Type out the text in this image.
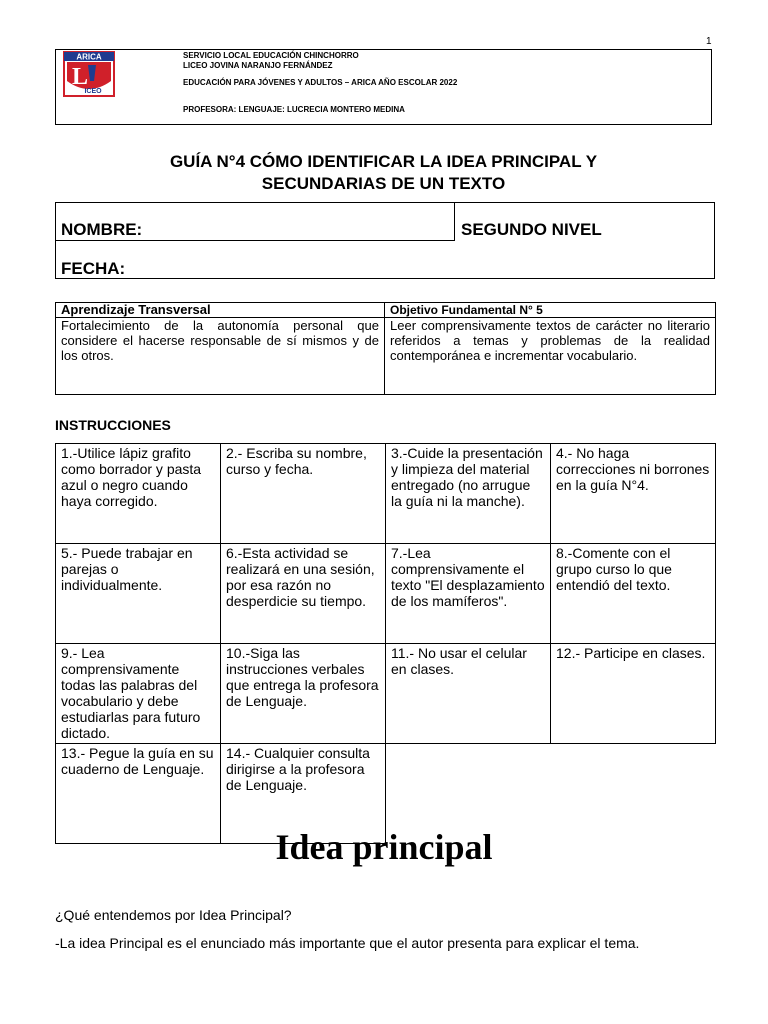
1
ARICA
L
ICEO
SERVICIO LOCAL EDUCACIÓN CHINCHORRO
LICEO JOVINA NARANJO FERNÁNDEZ
EDUCACIÓN PARA JÓVENES Y ADULTOS – ARICA AÑO ESCOLAR 2022
PROFESORA: LENGUAJE: LUCRECIA MONTERO MEDINA
GUÍA N°4 CÓMO IDENTIFICAR LA IDEA PRINCIPAL Y
SECUNDARIAS DE UN TEXTO
NOMBRE:	SEGUNDO NIVEL
FECHA:
Aprendizaje Transversal	Objetivo Fundamental N° 5
Fortalecimiento de la autonomía personal que considere el hacerse responsable de sí mismos y de los otros.	Leer comprensivamente textos de carácter no literario referidos a temas y problemas de la realidad contemporánea e incrementar vocabulario.
INSTRUCCIONES
1.-Utilice lápiz grafito como borrador y pasta azul o negro cuando haya corregido.	2.- Escriba su nombre, curso y fecha.	3.-Cuide la presentación y limpieza del material entregado (no arrugue la guía ni la manche).	4.- No haga correcciones ni borrones en la guía N°4.
5.- Puede trabajar en parejas o individualmente.	6.-Esta actividad se realizará en una sesión, por esa razón no desperdicie su tiempo.	7.-Lea comprensivamente el texto "El desplazamiento de los mamíferos".	8.-Comente con el grupo curso lo que entendió del texto.
9.- Lea comprensivamente todas las palabras del vocabulario y debe estudiarlas para futuro dictado.	10.-Siga las instrucciones verbales que entrega la profesora de Lenguaje.	11.- No usar el celular en clases.	12.- Participe en clases.
13.- Pegue la guía en su cuaderno de Lenguaje.	14.- Cualquier consulta dirigirse a la profesora de Lenguaje.		
Idea principal
¿Qué entendemos por Idea Principal?
-La idea Principal es el enunciado más importante que el autor presenta para explicar el tema.
